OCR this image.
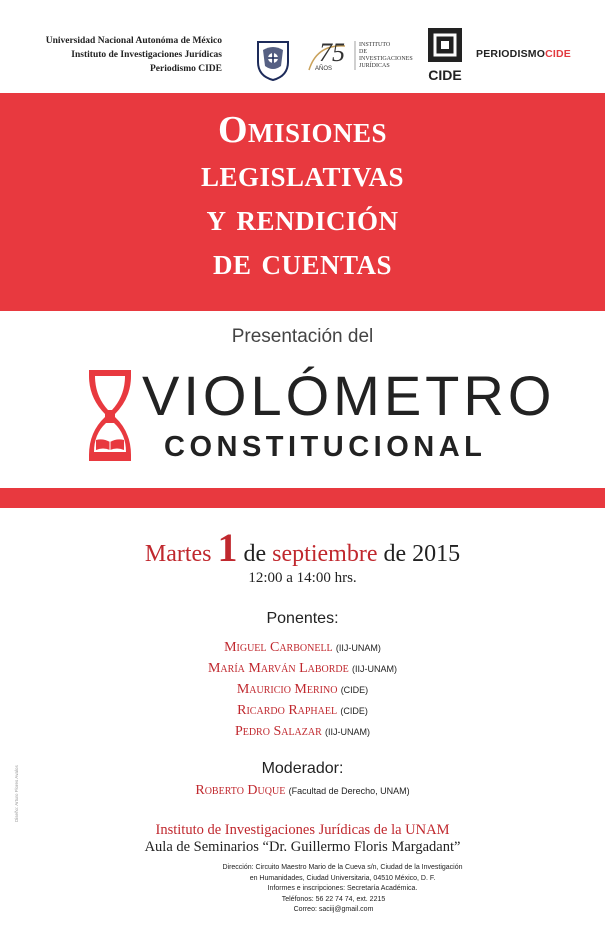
Universidad Nacional Autonóma de México
Instituto de Investigaciones Jurídicas
Periodismo CIDE
75
AÑOS
INSTITUTO
DE INVESTIGACIONES
JURÍDICAS
CIDE
PERIODISMOCIDE
Omisiones
legislativas
y rendición
de cuentas
Presentación del
VIOLÓMETRO
CONSTITUCIONAL
Martes 1 de septiembre de 2015
12:00 a 14:00 hrs.
Ponentes:
Miguel Carbonell (IIJ-UNAM)
María Marván Laborde (IIJ-UNAM)
Mauricio Merino (CIDE)
Ricardo Raphael (CIDE)
Pedro Salazar (IIJ-UNAM)
Moderador:
Roberto Duque (Facultad de Derecho, UNAM)
Instituto de Investigaciones Jurídicas de la UNAM
Aula de Seminarios “Dr. Guillermo Floris Margadant”
Dirección: Circuito Maestro Mario de la Cueva s/n, Ciudad de la Investigación
en Humanidades, Ciudad Universitaria, 04510 México, D. F.
Informes e inscripciones: Secretaría Académica.
Teléfonos: 56 22 74 74, ext. 2215
Correo: saciij@gmail.com
Diseño: Arturo Flores Avalos
